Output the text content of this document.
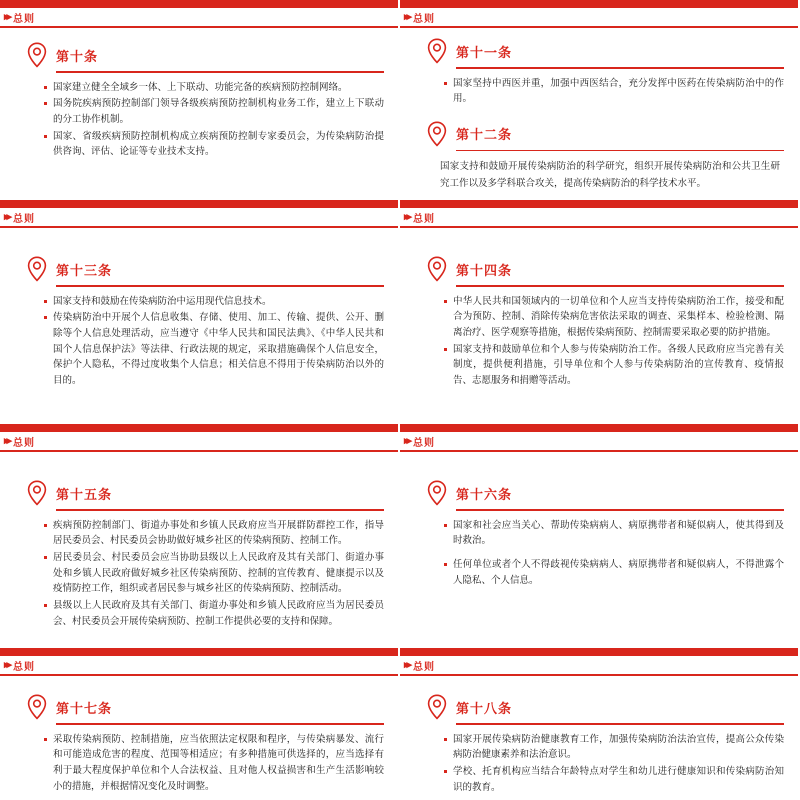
▸▸ 总则
第十条
国家建立健全全域乡一体、上下联动、功能完备的疾病预防控制网络。
国务院疾病预防控制部门领导各级疾病预防控制机构业务工作，建立上下联动的分工协作机制。
国家、省级疾病预防控制机构成立疾病预防控制专家委员会，为传染病防治提供咨询、评估、论证等专业技术支持。
▸▸ 总则
第十一条
国家坚持中西医并重，加强中西医结合，充分发挥中医药在传染病防治中的作用。
第十二条

国家支持和鼓励开展传染病防治的科学研究，组织开展传染病防治和公共卫生研究工作以及多学科联合攻关，提高传染病防治的科学技术水平。

▸▸ 总则
第十三条
国家支持和鼓励在传染病防治中运用现代信息技术。
传染病防治中开展个人信息收集、存储、使用、加工、传输、提供、公开、删除等个人信息处理活动，应当遵守《中华人民共和国民法典》、《中华人民共和国个人信息保护法》等法律、行政法规的规定，采取措施确保个人信息安全，保护个人隐私，不得过度收集个人信息；相关信息不得用于传染病防治以外的目的。
▸▸ 总则
第十四条
中华人民共和国领域内的一切单位和个人应当支持传染病防治工作，接受和配合为预防、控制、消除传染病危害依法采取的调查、采集样本、检验检测、隔离治疗、医学观察等措施，根据传染病预防、控制需要采取必要的防护措施。
国家支持和鼓励单位和个人参与传染病防治工作。各级人民政府应当完善有关制度，提供便利措施，引导单位和个人参与传染病防治的宣传教育、疫情报告、志愿服务和捐赠等活动。
▸▸ 总则
第十五条
疾病预防控制部门、街道办事处和乡镇人民政府应当开展群防群控工作，指导居民委员会、村民委员会协助做好城乡社区的传染病预防、控制工作。
居民委员会、村民委员会应当协助县级以上人民政府及其有关部门、街道办事处和乡镇人民政府做好城乡社区传染病预防、控制的宣传教育、健康提示以及疫情防控工作，组织或者居民参与城乡社区的传染病预防、控制活动。
县级以上人民政府及其有关部门、街道办事处和乡镇人民政府应当为居民委员会、村民委员会开展传染病预防、控制工作提供必要的支持和保障。
▸▸ 总则
第十六条
国家和社会应当关心、帮助传染病病人、病原携带者和疑似病人，使其得到及时救治。
任何单位或者个人不得歧视传染病病人、病原携带者和疑似病人，不得泄露个人隐私、个人信息。
▸▸ 总则
第十七条
采取传染病预防、控制措施，应当依照法定权限和程序，与传染病暴发、流行和可能造成危害的程度、范围等相适应；有多种措施可供选择的，应当选择有利于最大程度保护单位和个人合法权益、且对他人权益损害和生产生活影响较小的措施，并根据情况变化及时调整。
▸▸ 总则
第十八条
国家开展传染病防治健康教育工作，加强传染病防治法治宣传，提高公众传染病防治健康素养和法治意识。
学校、托育机构应当结合年龄特点对学生和幼儿进行健康知识和传染病防治知识的教育。
